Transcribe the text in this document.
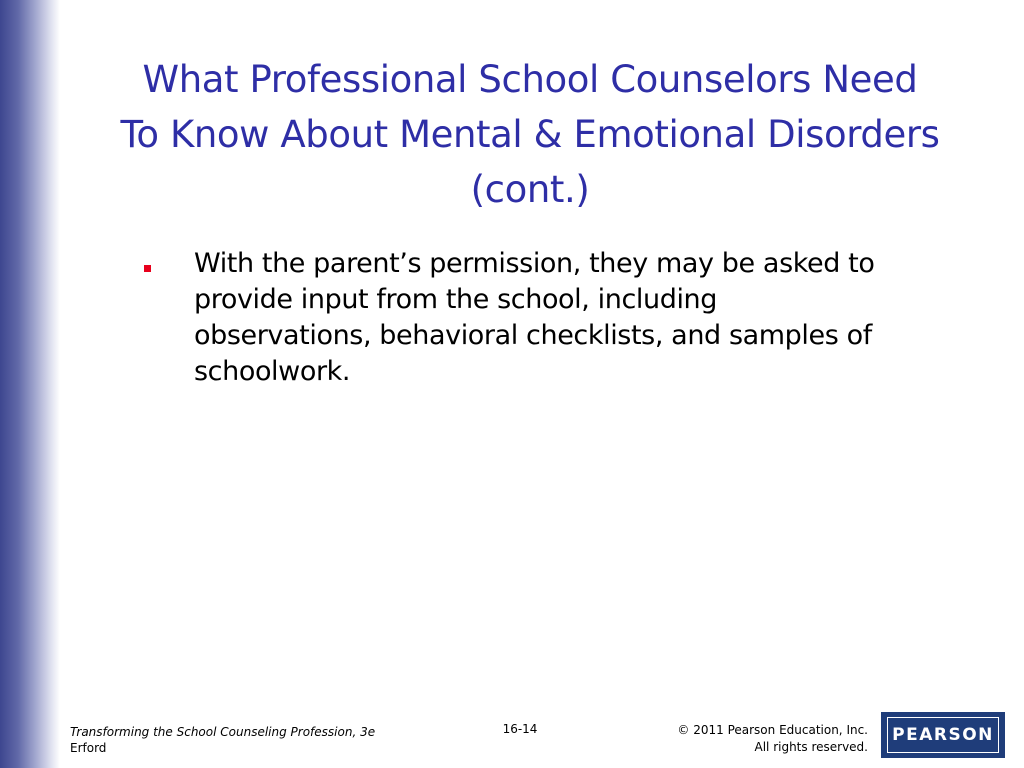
What Professional School Counselors Need
To Know About Mental & Emotional Disorders
(cont.)
With the parent’s permission, they may be asked to
provide input from the school, including
observations, behavioral checklists, and samples of
schoolwork.
Transforming the School Counseling Profession, 3e
Erford
16-14	© 2011 Pearson Education, Inc.
All rights reserved.
PEARSON
